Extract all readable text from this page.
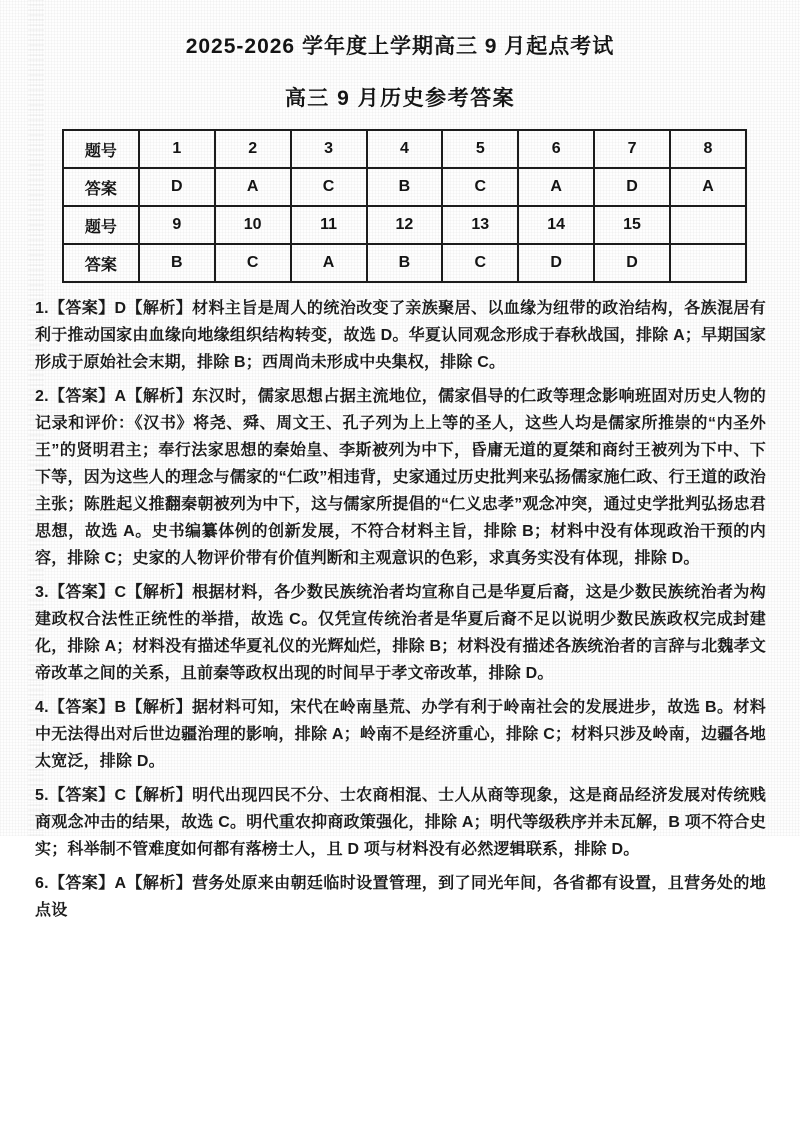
2025-2026 学年度上学期高三 9 月起点考试
高三 9 月历史参考答案
题号	1	2	3	4	5	6	7	8
答案	D	A	C	B	C	A	D	A
题号	9	10	11	12	13	14	15	
答案	B	C	A	B	C	D	D	

1.【答案】D【解析】材料主旨是周人的统治改变了亲族聚居、以血缘为纽带的政治结构，各族混居有利于推动国家由血缘向地缘组织结构转变，故选 D。华夏认同观念形成于春秋战国，排除 A；早期国家形成于原始社会末期，排除 B；西周尚未形成中央集权，排除 C。

2.【答案】A【解析】东汉时，儒家思想占据主流地位，儒家倡导的仁政等理念影响班固对历史人物的记录和评价：《汉书》将尧、舜、周文王、孔子列为上上等的圣人，这些人均是儒家所推崇的“内圣外王”的贤明君主；奉行法家思想的秦始皇、李斯被列为中下，昏庸无道的夏桀和商纣王被列为下中、下下等，因为这些人的理念与儒家的“仁政”相违背，史家通过历史批判来弘扬儒家施仁政、行王道的政治主张；陈胜起义推翻秦朝被列为中下，这与儒家所提倡的“仁义忠孝”观念冲突，通过史学批判弘扬忠君思想，故选 A。史书编纂体例的创新发展，不符合材料主旨，排除 B；材料中没有体现政治干预的内容，排除 C；史家的人物评价带有价值判断和主观意识的色彩，求真务实没有体现，排除 D。

3.【答案】C【解析】根据材料，各少数民族统治者均宣称自己是华夏后裔，这是少数民族统治者为构建政权合法性正统性的举措，故选 C。仅凭宣传统治者是华夏后裔不足以说明少数民族政权完成封建化，排除 A；材料没有描述华夏礼仪的光辉灿烂，排除 B；材料没有描述各族统治者的言辞与北魏孝文帝改革之间的关系，且前秦等政权出现的时间早于孝文帝改革，排除 D。

4.【答案】B【解析】据材料可知，宋代在岭南垦荒、办学有利于岭南社会的发展进步，故选 B。材料中无法得出对后世边疆治理的影响，排除 A；岭南不是经济重心，排除 C；材料只涉及岭南，边疆各地太宽泛，排除 D。

5.【答案】C【解析】明代出现四民不分、士农商相混、士人从商等现象，这是商品经济发展对传统贱商观念冲击的结果，故选 C。明代重农抑商政策强化，排除 A；明代等级秩序并未瓦解，B 项不符合史实；科举制不管难度如何都有落榜士人，且 D 项与材料没有必然逻辑联系，排除 D。

6.【答案】A【解析】营务处原来由朝廷临时设置管理，到了同光年间，各省都有设置，且营务处的地点设
